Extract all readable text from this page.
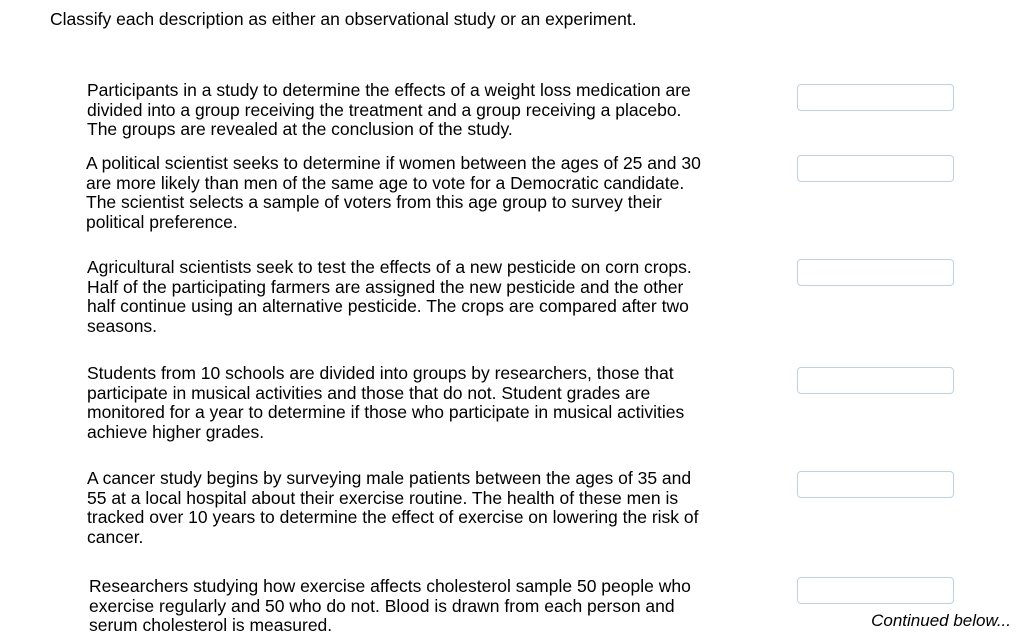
Classify each description as either an observational study or an experiment.
Participants in a study to determine the effects of a weight loss medication are
divided into a group receiving the treatment and a group receiving a placebo.
The groups are revealed at the conclusion of the study.
A political scientist seeks to determine if women between the ages of 25 and 30
are more likely than men of the same age to vote for a Democratic candidate.
The scientist selects a sample of voters from this age group to survey their
political preference.
Agricultural scientists seek to test the effects of a new pesticide on corn crops.
Half of the participating farmers are assigned the new pesticide and the other
half continue using an alternative pesticide. The crops are compared after two
seasons.
Students from 10 schools are divided into groups by researchers, those that
participate in musical activities and those that do not. Student grades are
monitored for a year to determine if those who participate in musical activities
achieve higher grades.
A cancer study begins by surveying male patients between the ages of 35 and
55 at a local hospital about their exercise routine. The health of these men is
tracked over 10 years to determine the effect of exercise on lowering the risk of
cancer.
Researchers studying how exercise affects cholesterol sample 50 people who
exercise regularly and 50 who do not. Blood is drawn from each person and
serum cholesterol is measured.	Continued below...
